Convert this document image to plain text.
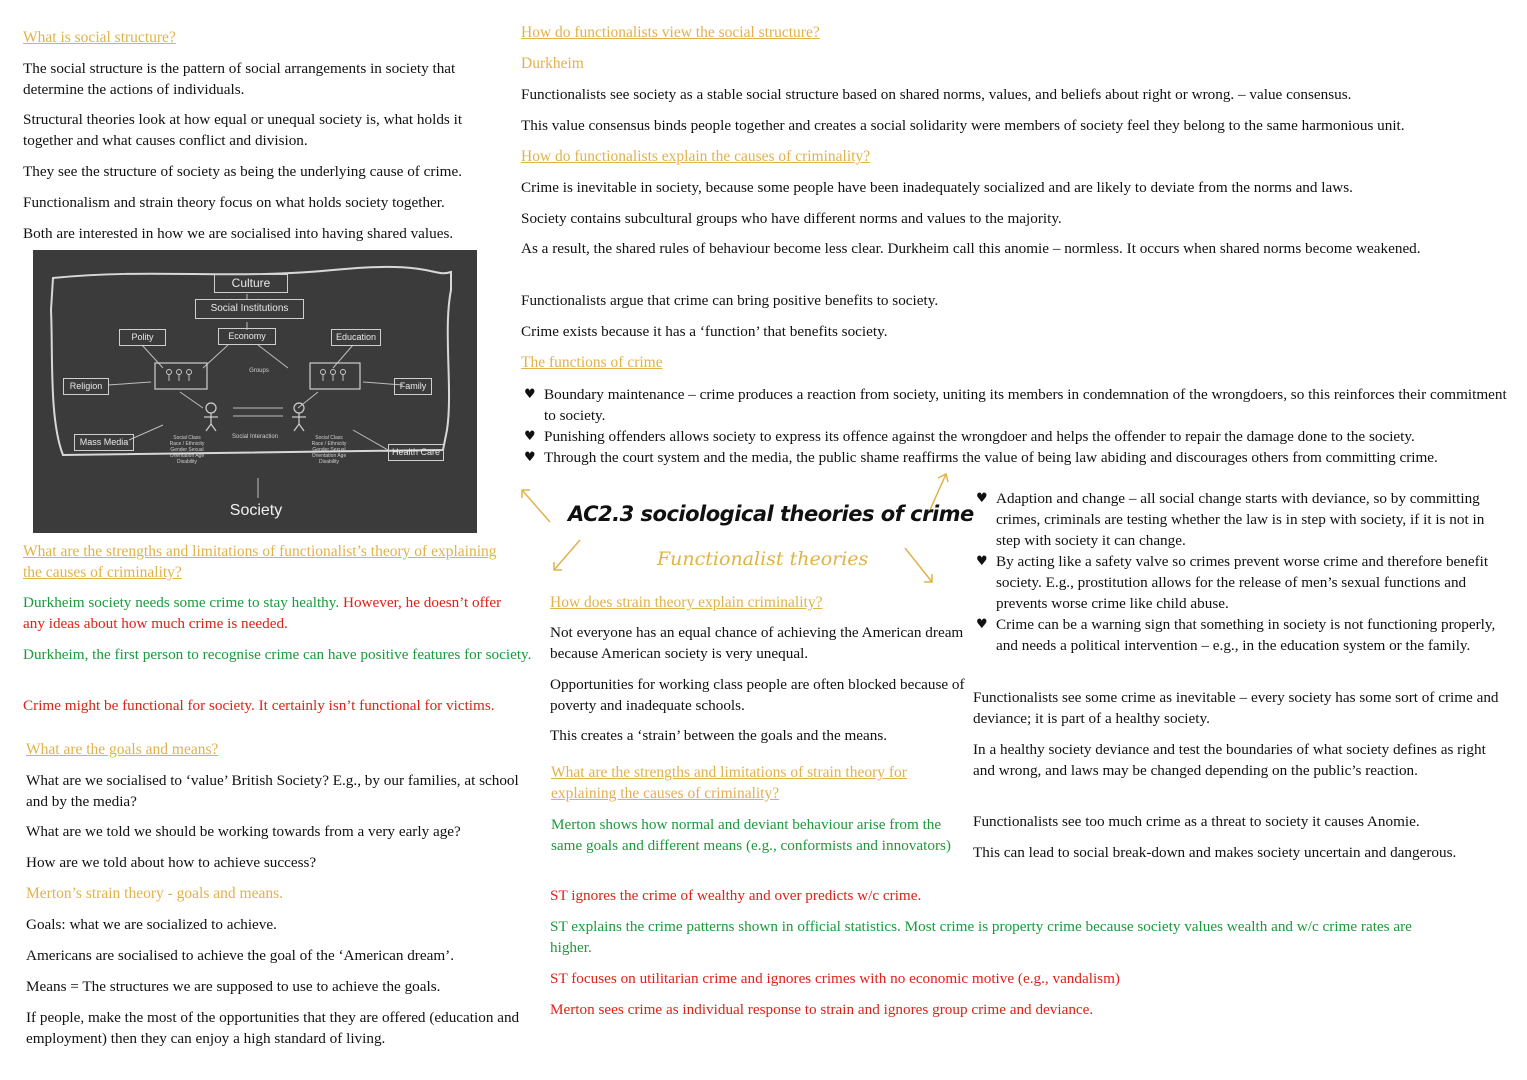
What is social structure?

The social structure is the pattern of social arrangements in society that determine the actions of individuals.

Structural theories look at how equal or unequal society is, what holds it together and what causes conflict and division.

They see the structure of society as being the underlying cause of crime.

Functionalism and strain theory focus on what holds society together.

Both are interested in how we are socialised into having shared values.

Culture
Social Institutions
Polity	Economy	Education
Religion	Family
Mass Media
Health Care
Groups
Social Interaction
Social Class Race / Ethnicity Gender Sexual Orientation Age Disability
Social Class Race / Ethnicity Gender Sexual Orientation Age Disability
Society

What are the strengths and limitations of functionalist’s theory of explaining the causes of criminality?

Durkheim society needs some crime to stay healthy. However, he doesn’t offer any ideas about how much crime is needed.

Durkheim, the first person to recognise crime can have positive features for society.

Crime might be functional for society. It certainly isn’t functional for victims.

What are the goals and means?

What are we socialised to ‘value’ British Society? E.g., by our families, at school and by the media?

What are we told we should be working towards from a very early age?

How are we told about how to achieve success?

Merton’s strain theory - goals and means.

Goals: what we are socialized to achieve.

Americans are socialised to achieve the goal of the ‘American dream’.

Means = The structures we are supposed to use to achieve the goals.

If people, make the most of the opportunities that they are offered (education and employment) then they can enjoy a high standard of living.

How do functionalists view the social structure?

Durkheim

Functionalists see society as a stable social structure based on shared norms, values, and beliefs about right or wrong. – value consensus.

This value consensus binds people together and creates a social solidarity were members of society feel they belong to the same harmonious unit.

How do functionalists explain the causes of criminality?

Crime is inevitable in society, because some people have been inadequately socialized and are likely to deviate from the norms and laws.

Society contains subcultural groups who have different norms and values to the majority.

As a result, the shared rules of behaviour become less clear. Durkheim call this anomie – normless. It occurs when shared norms become weakened.

Functionalists argue that crime can bring positive benefits to society.

Crime exists because it has a ‘function’ that benefits society.

The functions of crime

♥ Boundary maintenance – crime produces a reaction from society, uniting its members in condemnation of the wrongdoers, so this reinforces their commitment to society.
♥ Punishing offenders allows society to express its offence against the wrongdoer and helps the offender to repair the damage done to the society.
♥ Through the court system and the media, the public shame reaffirms the value of being law abiding and discourages others from committing crime.

AC2.3 sociological theories of crime

Functionalist theories

How does strain theory explain criminality?

Not everyone has an equal chance of achieving the American dream because American society is very unequal.

Opportunities for working class people are often blocked because of poverty and inadequate schools.

This creates a ‘strain’ between the goals and the means.

What are the strengths and limitations of strain theory for explaining the causes of criminality?

Merton shows how normal and deviant behaviour arise from the same goals and different means (e.g., conformists and innovators)

ST ignores the crime of wealthy and over predicts w/c crime.

ST explains the crime patterns shown in official statistics. Most crime is property crime because society values wealth and w/c crime rates are higher.

ST focuses on utilitarian crime and ignores crimes with no economic motive (e.g., vandalism)

Merton sees crime as individual response to strain and ignores group crime and deviance.

♥ Adaption and change – all social change starts with deviance, so by committing crimes, criminals are testing whether the law is in step with society, if it is not in step with society it can change.
♥ By acting like a safety valve so crimes prevent worse crime and therefore benefit society. E.g., prostitution allows for the release of men’s sexual functions and prevents worse crime like child abuse.
♥ Crime can be a warning sign that something in society is not functioning properly, and needs a political intervention – e.g., in the education system or the family.

Functionalists see some crime as inevitable – every society has some sort of crime and deviance; it is part of a healthy society.

In a healthy society deviance and test the boundaries of what society defines as right and wrong, and laws may be changed depending on the public’s reaction.

Functionalists see too much crime as a threat to society it causes Anomie.

This can lead to social break-down and makes society uncertain and dangerous.
